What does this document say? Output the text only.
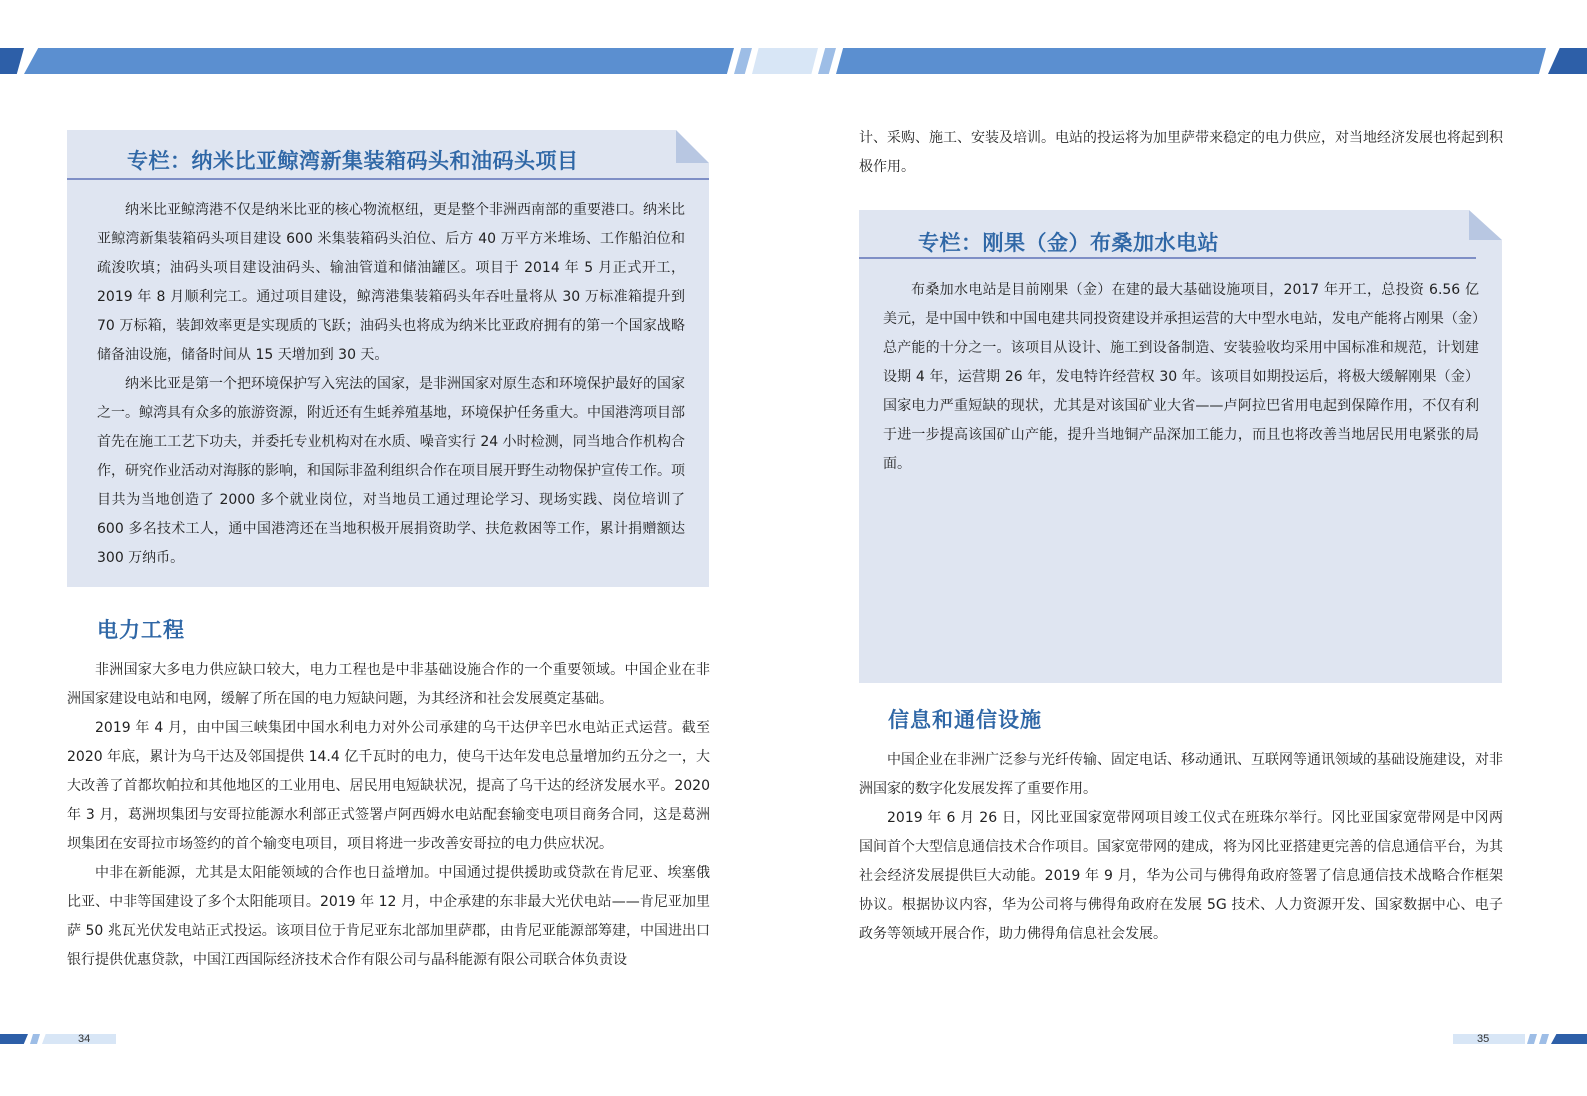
专栏：纳米比亚鲸湾新集装箱码头和油码头项目

纳米比亚鲸湾港不仅是纳米比亚的核心物流枢纽，更是整个非洲西南部的重要港口。纳米比亚鲸湾新集装箱码头项目建设 600 米集装箱码头泊位、后方 40 万平方米堆场、工作船泊位和疏浚吹填；油码头项目建设油码头、输油管道和储油罐区。项目于 2014 年 5 月正式开工，2019 年 8 月顺利完工。通过项目建设，鲸湾港集装箱码头年吞吐量将从 30 万标准箱提升到 70 万标箱，装卸效率更是实现质的飞跃；油码头也将成为纳米比亚政府拥有的第一个国家战略储备油设施，储备时间从 15 天增加到 30 天。

纳米比亚是第一个把环境保护写入宪法的国家，是非洲国家对原生态和环境保护最好的国家之一。鲸湾具有众多的旅游资源，附近还有生蚝养殖基地，环境保护任务重大。中国港湾项目部首先在施工工艺下功夫，并委托专业机构对在水质、噪音实行 24 小时检测，同当地合作机构合作，研究作业活动对海豚的影响，和国际非盈利组织合作在项目展开野生动物保护宣传工作。项目共为当地创造了 2000 多个就业岗位，对当地员工通过理论学习、现场实践、岗位培训了 600 多名技术工人，通中国港湾还在当地积极开展捐资助学、扶危救困等工作，累计捐赠额达 300 万纳币。

电力工程

非洲国家大多电力供应缺口较大，电力工程也是中非基础设施合作的一个重要领域。中国企业在非洲国家建设电站和电网，缓解了所在国的电力短缺问题，为其经济和社会发展奠定基础。

2019 年 4 月，由中国三峡集团中国水利电力对外公司承建的乌干达伊辛巴水电站正式运营。截至 2020 年底，累计为乌干达及邻国提供 14.4 亿千瓦时的电力，使乌干达年发电总量增加约五分之一，大大改善了首都坎帕拉和其他地区的工业用电、居民用电短缺状况，提高了乌干达的经济发展水平。2020 年 3 月，葛洲坝集团与安哥拉能源水利部正式签署卢阿西姆水电站配套输变电项目商务合同，这是葛洲坝集团在安哥拉市场签约的首个输变电项目，项目将进一步改善安哥拉的电力供应状况。

中非在新能源，尤其是太阳能领域的合作也日益增加。中国通过提供援助或贷款在肯尼亚、埃塞俄比亚、中非等国建设了多个太阳能项目。2019 年 12 月，中企承建的东非最大光伏电站——肯尼亚加里萨 50 兆瓦光伏发电站正式投运。该项目位于肯尼亚东北部加里萨郡，由肯尼亚能源部筹建，中国进出口银行提供优惠贷款，中国江西国际经济技术合作有限公司与晶科能源有限公司联合体负责设

计、采购、施工、安装及培训。电站的投运将为加里萨带来稳定的电力供应，对当地经济发展也将起到积极作用。

专栏：刚果（金）布桑加水电站

布桑加水电站是目前刚果（金）在建的最大基础设施项目，2017 年开工，总投资 6.56 亿美元，是中国中铁和中国电建共同投资建设并承担运营的大中型水电站，发电产能将占刚果（金）总产能的十分之一。该项目从设计、施工到设备制造、安装验收均采用中国标准和规范，计划建设期 4 年，运营期 26 年，发电特许经营权 30 年。该项目如期投运后，将极大缓解刚果（金）国家电力严重短缺的现状，尤其是对该国矿业大省——卢阿拉巴省用电起到保障作用，不仅有利于进一步提高该国矿山产能，提升当地铜产品深加工能力，而且也将改善当地居民用电紧张的局面。

信息和通信设施

中国企业在非洲广泛参与光纤传输、固定电话、移动通讯、互联网等通讯领域的基础设施建设，对非洲国家的数字化发展发挥了重要作用。

2019 年 6 月 26 日，冈比亚国家宽带网项目竣工仪式在班珠尔举行。冈比亚国家宽带网是中冈两国间首个大型信息通信技术合作项目。国家宽带网的建成，将为冈比亚搭建更完善的信息通信平台，为其社会经济发展提供巨大动能。2019 年 9 月，华为公司与佛得角政府签署了信息通信技术战略合作框架协议。根据协议内容，华为公司将与佛得角政府在发展 5G 技术、人力资源开发、国家数据中心、电子政务等领域开展合作，助力佛得角信息社会发展。

34	35
